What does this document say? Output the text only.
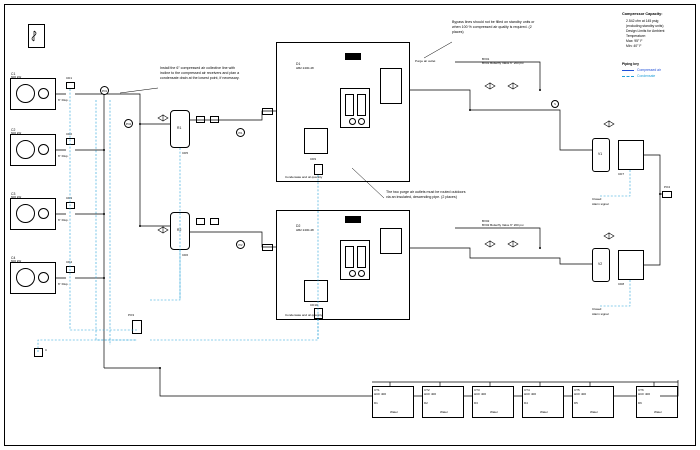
Compressor Capacity:
2.542 cfm at 145 psig
(excluding standby units)
Design Limits for Ambient
Temperature:
Max: 95° F
Min: 40° F
Piping key
Compressed air
Condensate
C1
600 kW
6" Disp.
CD1
C2
600 kW
6" Disp.
CD2
C3
600 kW
6" Disp.
CD3
C4
600 kW
6" Disp.
CD4
R1
CD5
R2
CD6
PO3
C
D1
HB2 2400-48
CD9
Condensate and oil quantity
Purge air outlet
D2
HB2 2400-48
CD10
Condensate and oil quantity
BV01
BV01 Butterfly Valve 6" 200 psi
BV02
BV02 Butterfly Valve 6" 200 psi
V1
CD7
Closed
Alarm signal
V2
CD8
Closed
Alarm signal
PO4
CT1
HCF 400
D1
Water
CT2
HCF 400
D2
Water
CT3
HCF 400
D3
Water
CT4
HCF 400
D4
Water
CT5
HCF 400
D5
Water
CT6
HCF 400
D6
Water
Install the 6" compressed air collective line with incline to the compressed air receivers and plan a condensate drain at the lowest point, if necessary.
Bypass lines should not be filled on standby units or when 100 % compressed air quality is required. (2 places)
The two purge air outlets must be routed outdoors via an insulated, descending pipe. (2 places)
PO1
PO2
PI1
PI2
S
